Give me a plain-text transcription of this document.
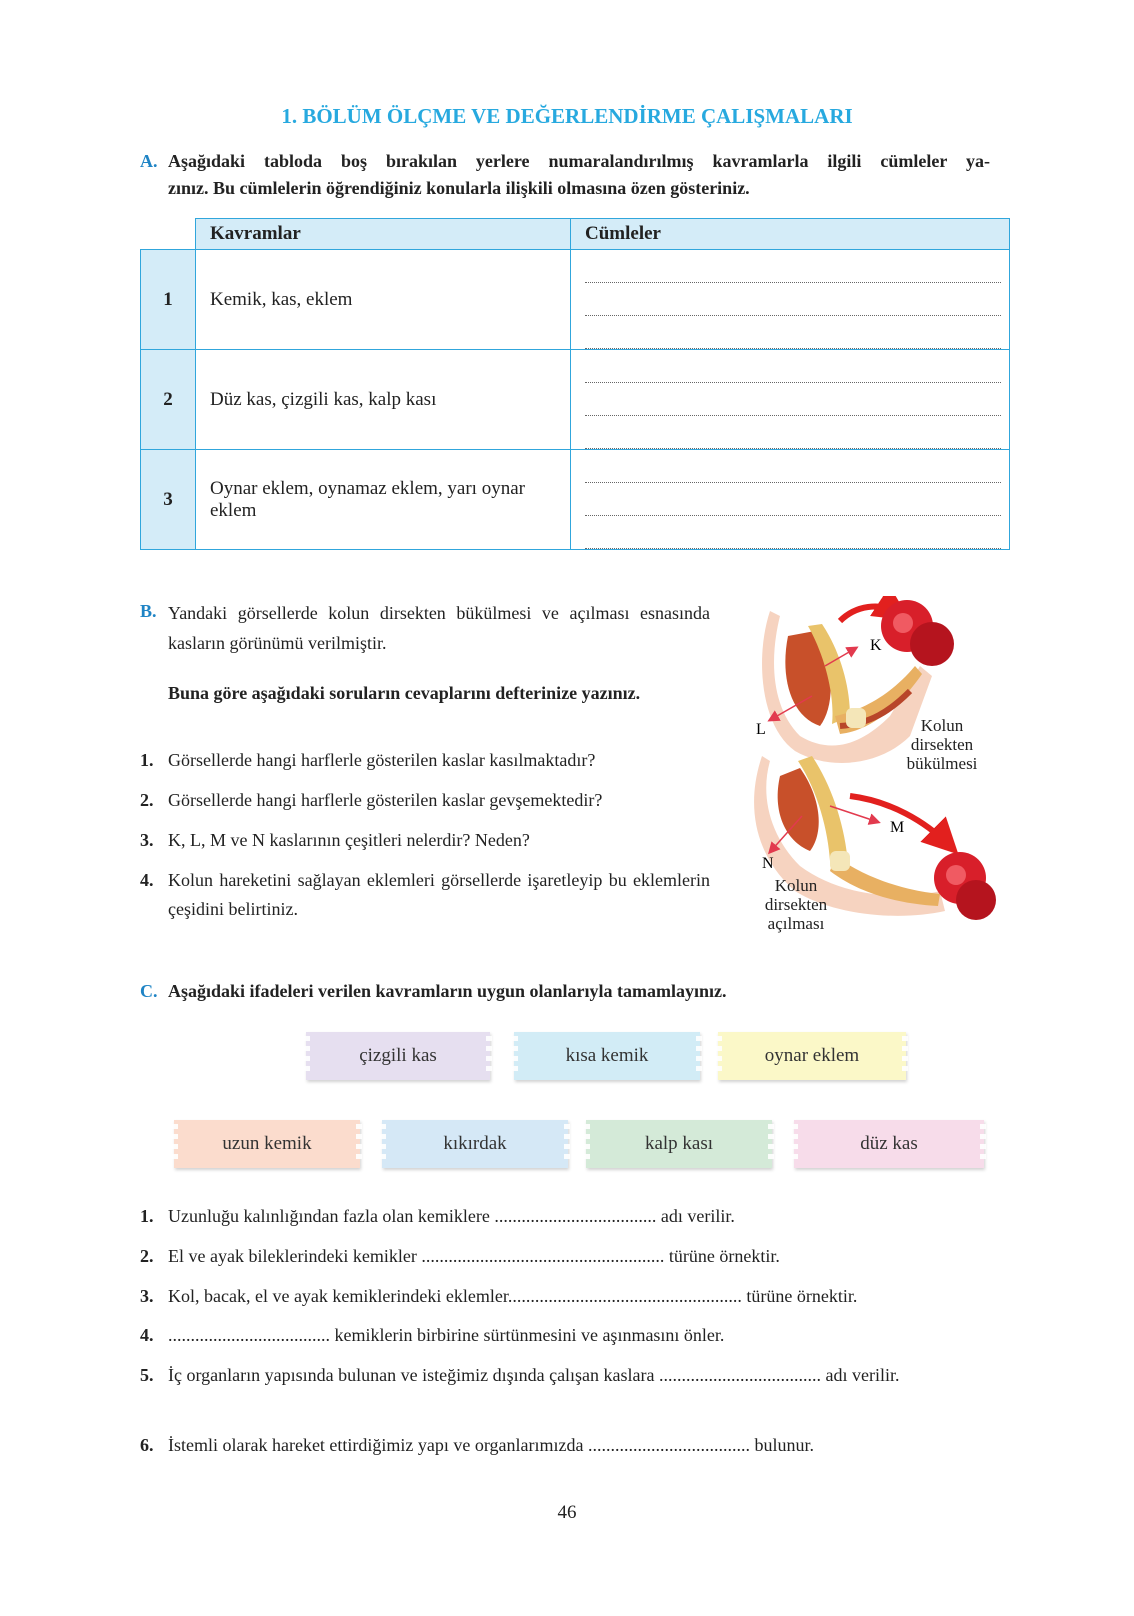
1. BÖLÜM ÖLÇME VE DEĞERLENDİRME ÇALIŞMALARI
A. Aşağıdaki tabloda boş bırakılan yerlere numaralandırılmış kavramlarla ilgili cümleler ya-
zınız. Bu cümlelerin öğrendiğiniz konularla ilişkili olmasına özen gösteriniz.
	Kavramlar	Cümleler
1	Kemik, kas, eklem	

2	Düz kas, çizgili kas, kalp kası	

3	Oynar eklem, oynamaz eklem, yarı oynar eklem	
B. Yandaki görsellerde kolun dirsekten bükülmesi ve açılması esnasında kasların görünümü verilmiştir.
Buna göre aşağıdaki soruların cevaplarını defterinize yazınız.
1. Görsellerde hangi harflerle gösterilen kaslar kasılmaktadır?
2. Görsellerde hangi harflerle gösterilen kaslar gevşemektedir?
3. K, L, M ve N kaslarının çeşitleri nelerdir? Neden?
4. Kolun hareketini sağlayan eklemleri görsellerde işaretleyip bu eklemlerin çeşidini belirtiniz.
K
L
M
N
Kolun dirsekten bükülmesi
Kolun dirsekten açılması
C. Aşağıdaki ifadeleri verilen kavramların uygun olanlarıyla tamamlayınız.
çizgili kas	kısa kemik	oynar eklem
uzun kemik	kıkırdak	kalp kası	düz kas
1. Uzunluğu kalınlığından fazla olan kemiklere .................................... adı verilir.
2. El ve ayak bileklerindeki kemikler ...................................................... türüne örnektir.
3. Kol, bacak, el ve ayak kemiklerindeki eklemler.................................................... türüne örnektir.
4. .................................... kemiklerin birbirine sürtünmesini ve aşınmasını önler.
5. İç organların yapısında bulunan ve isteğimiz dışında çalışan kaslara .................................... adı verilir.
6. İstemli olarak hareket ettirdiğimiz yapı ve organlarımızda .................................... bulunur.
46
